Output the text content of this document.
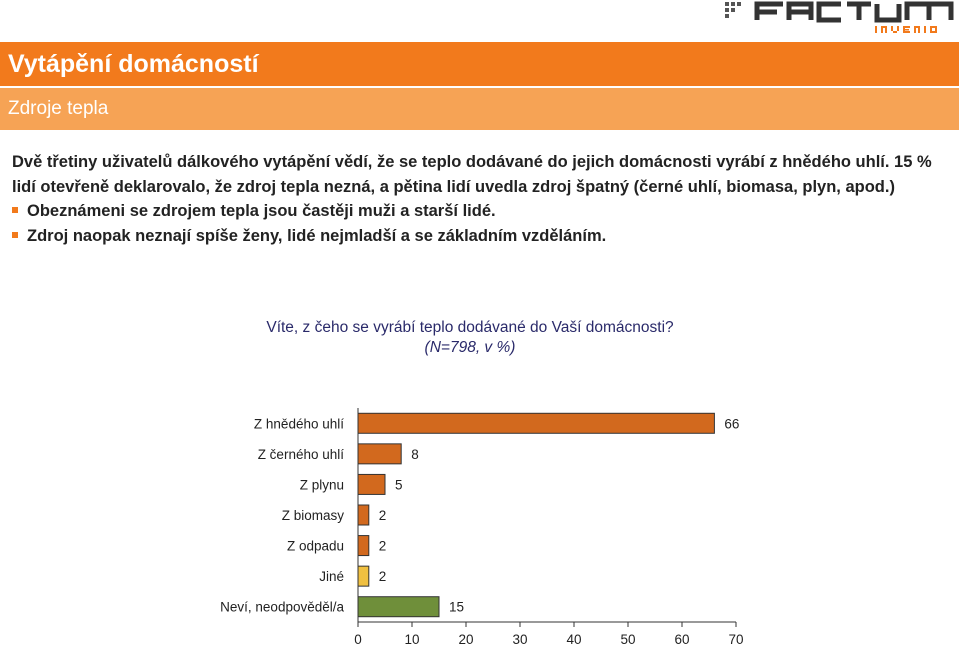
Vytápění domácností
Zdroje tepla

Dvě třetiny uživatelů dálkového vytápění vědí, že se teplo dodávané do jejich domácnosti vyrábí z hnědého uhlí. 15 % lidí otevřeně deklarovalo, že zdroj tepla nezná, a pětina lidí uvedla zdroj špatný (černé uhlí, biomasa, plyn, apod.)

Obeznámeni se zdrojem tepla jsou častěji muži a starší lidé.
Zdroj naopak neznají spíše ženy, lidé nejmladší a se základním vzděláním.
Víte, z čeho se vyrábí teplo dodávané do Vaší domácnosti?
(N=798, v %)
Z hnědého uhlí	66
Z černého uhlí	8
Z plynu	5
Z biomasy	2
Z odpadu	2
Jiné	2
Neví, neodpověděl/a	15
0	10	20	30	40	50	60	70
